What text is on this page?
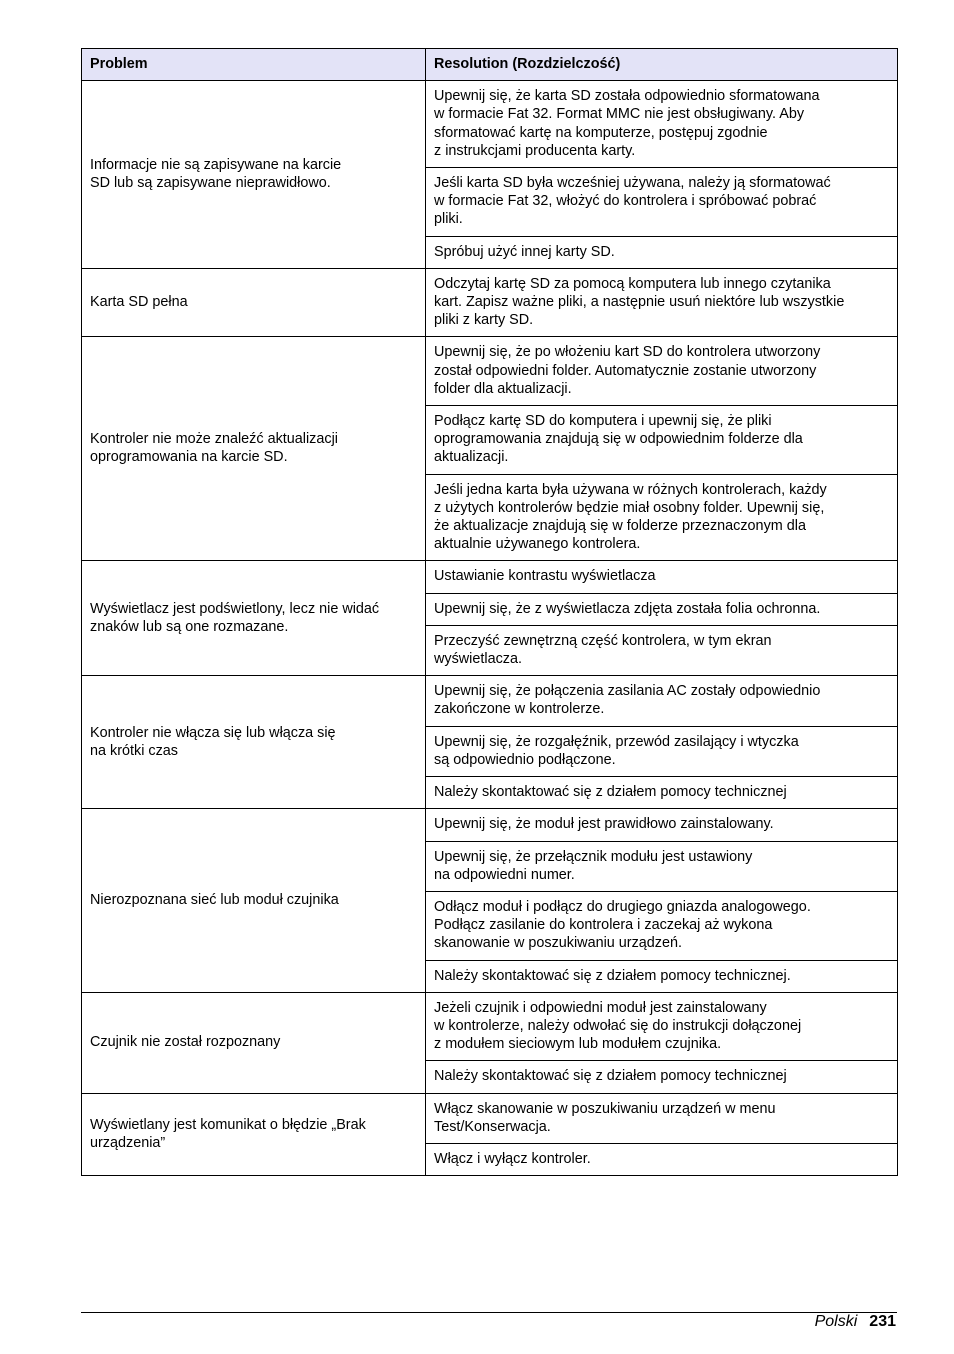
Problem	Resolution (Rozdzielczość)
Informacje nie są zapisywane na karcie
SD lub są zapisywane nieprawidłowo.	Upewnij się, że karta SD została odpowiednio sformatowana
w formacie Fat 32. Format MMC nie jest obsługiwany. Aby
sformatować kartę na komputerze, postępuj zgodnie
z instrukcjami producenta karty.
	Jeśli karta SD była wcześniej używana, należy ją sformatować
w formacie Fat 32, włożyć do kontrolera i spróbować pobrać
pliki.
	Spróbuj użyć innej karty SD.
Karta SD pełna	Odczytaj kartę SD za pomocą komputera lub innego czytanika
kart. Zapisz ważne pliki, a następnie usuń niektóre lub wszystkie
pliki z karty SD.
Kontroler nie może znaleźć aktualizacji
oprogramowania na karcie SD.	Upewnij się, że po włożeniu kart SD do kontrolera utworzony
został odpowiedni folder. Automatycznie zostanie utworzony
folder dla aktualizacji.
	Podłącz kartę SD do komputera i upewnij się, że pliki
oprogramowania znajdują się w odpowiednim folderze dla
aktualizacji.
	Jeśli jedna karta była używana w różnych kontrolerach, każdy
z użytych kontrolerów będzie miał osobny folder. Upewnij się,
że aktualizacje znajdują się w folderze przeznaczonym dla
aktualnie używanego kontrolera.
Wyświetlacz jest podświetlony, lecz nie widać
znaków lub są one rozmazane.	Ustawianie kontrastu wyświetlacza
	Upewnij się, że z wyświetlacza zdjęta została folia ochronna.
	Przeczyść zewnętrzną część kontrolera, w tym ekran
wyświetlacza.
Kontroler nie włącza się lub włącza się
na krótki czas	Upewnij się, że połączenia zasilania AC zostały odpowiednio
zakończone w kontrolerze.
	Upewnij się, że rozgałęźnik, przewód zasilający i wtyczka
są odpowiednio podłączone.
	Należy skontaktować się z działem pomocy technicznej
Nierozpoznana sieć lub moduł czujnika	Upewnij się, że moduł jest prawidłowo zainstalowany.
	Upewnij się, że przełącznik modułu jest ustawiony
na odpowiedni numer.
	Odłącz moduł i podłącz do drugiego gniazda analogowego.
Podłącz zasilanie do kontrolera i zaczekaj aż wykona
skanowanie w poszukiwaniu urządzeń.
	Należy skontaktować się z działem pomocy technicznej.
Czujnik nie został rozpoznany	Jeżeli czujnik i odpowiedni moduł jest zainstalowany
w kontrolerze, należy odwołać się do instrukcji dołączonej
z modułem sieciowym lub modułem czujnika.
	Należy skontaktować się z działem pomocy technicznej
Wyświetlany jest komunikat o błędzie „Brak
urządzenia”	Włącz skanowanie w poszukiwaniu urządzeń w menu
Test/Konserwacja.
	Włącz i wyłącz kontroler.
Polski 231
